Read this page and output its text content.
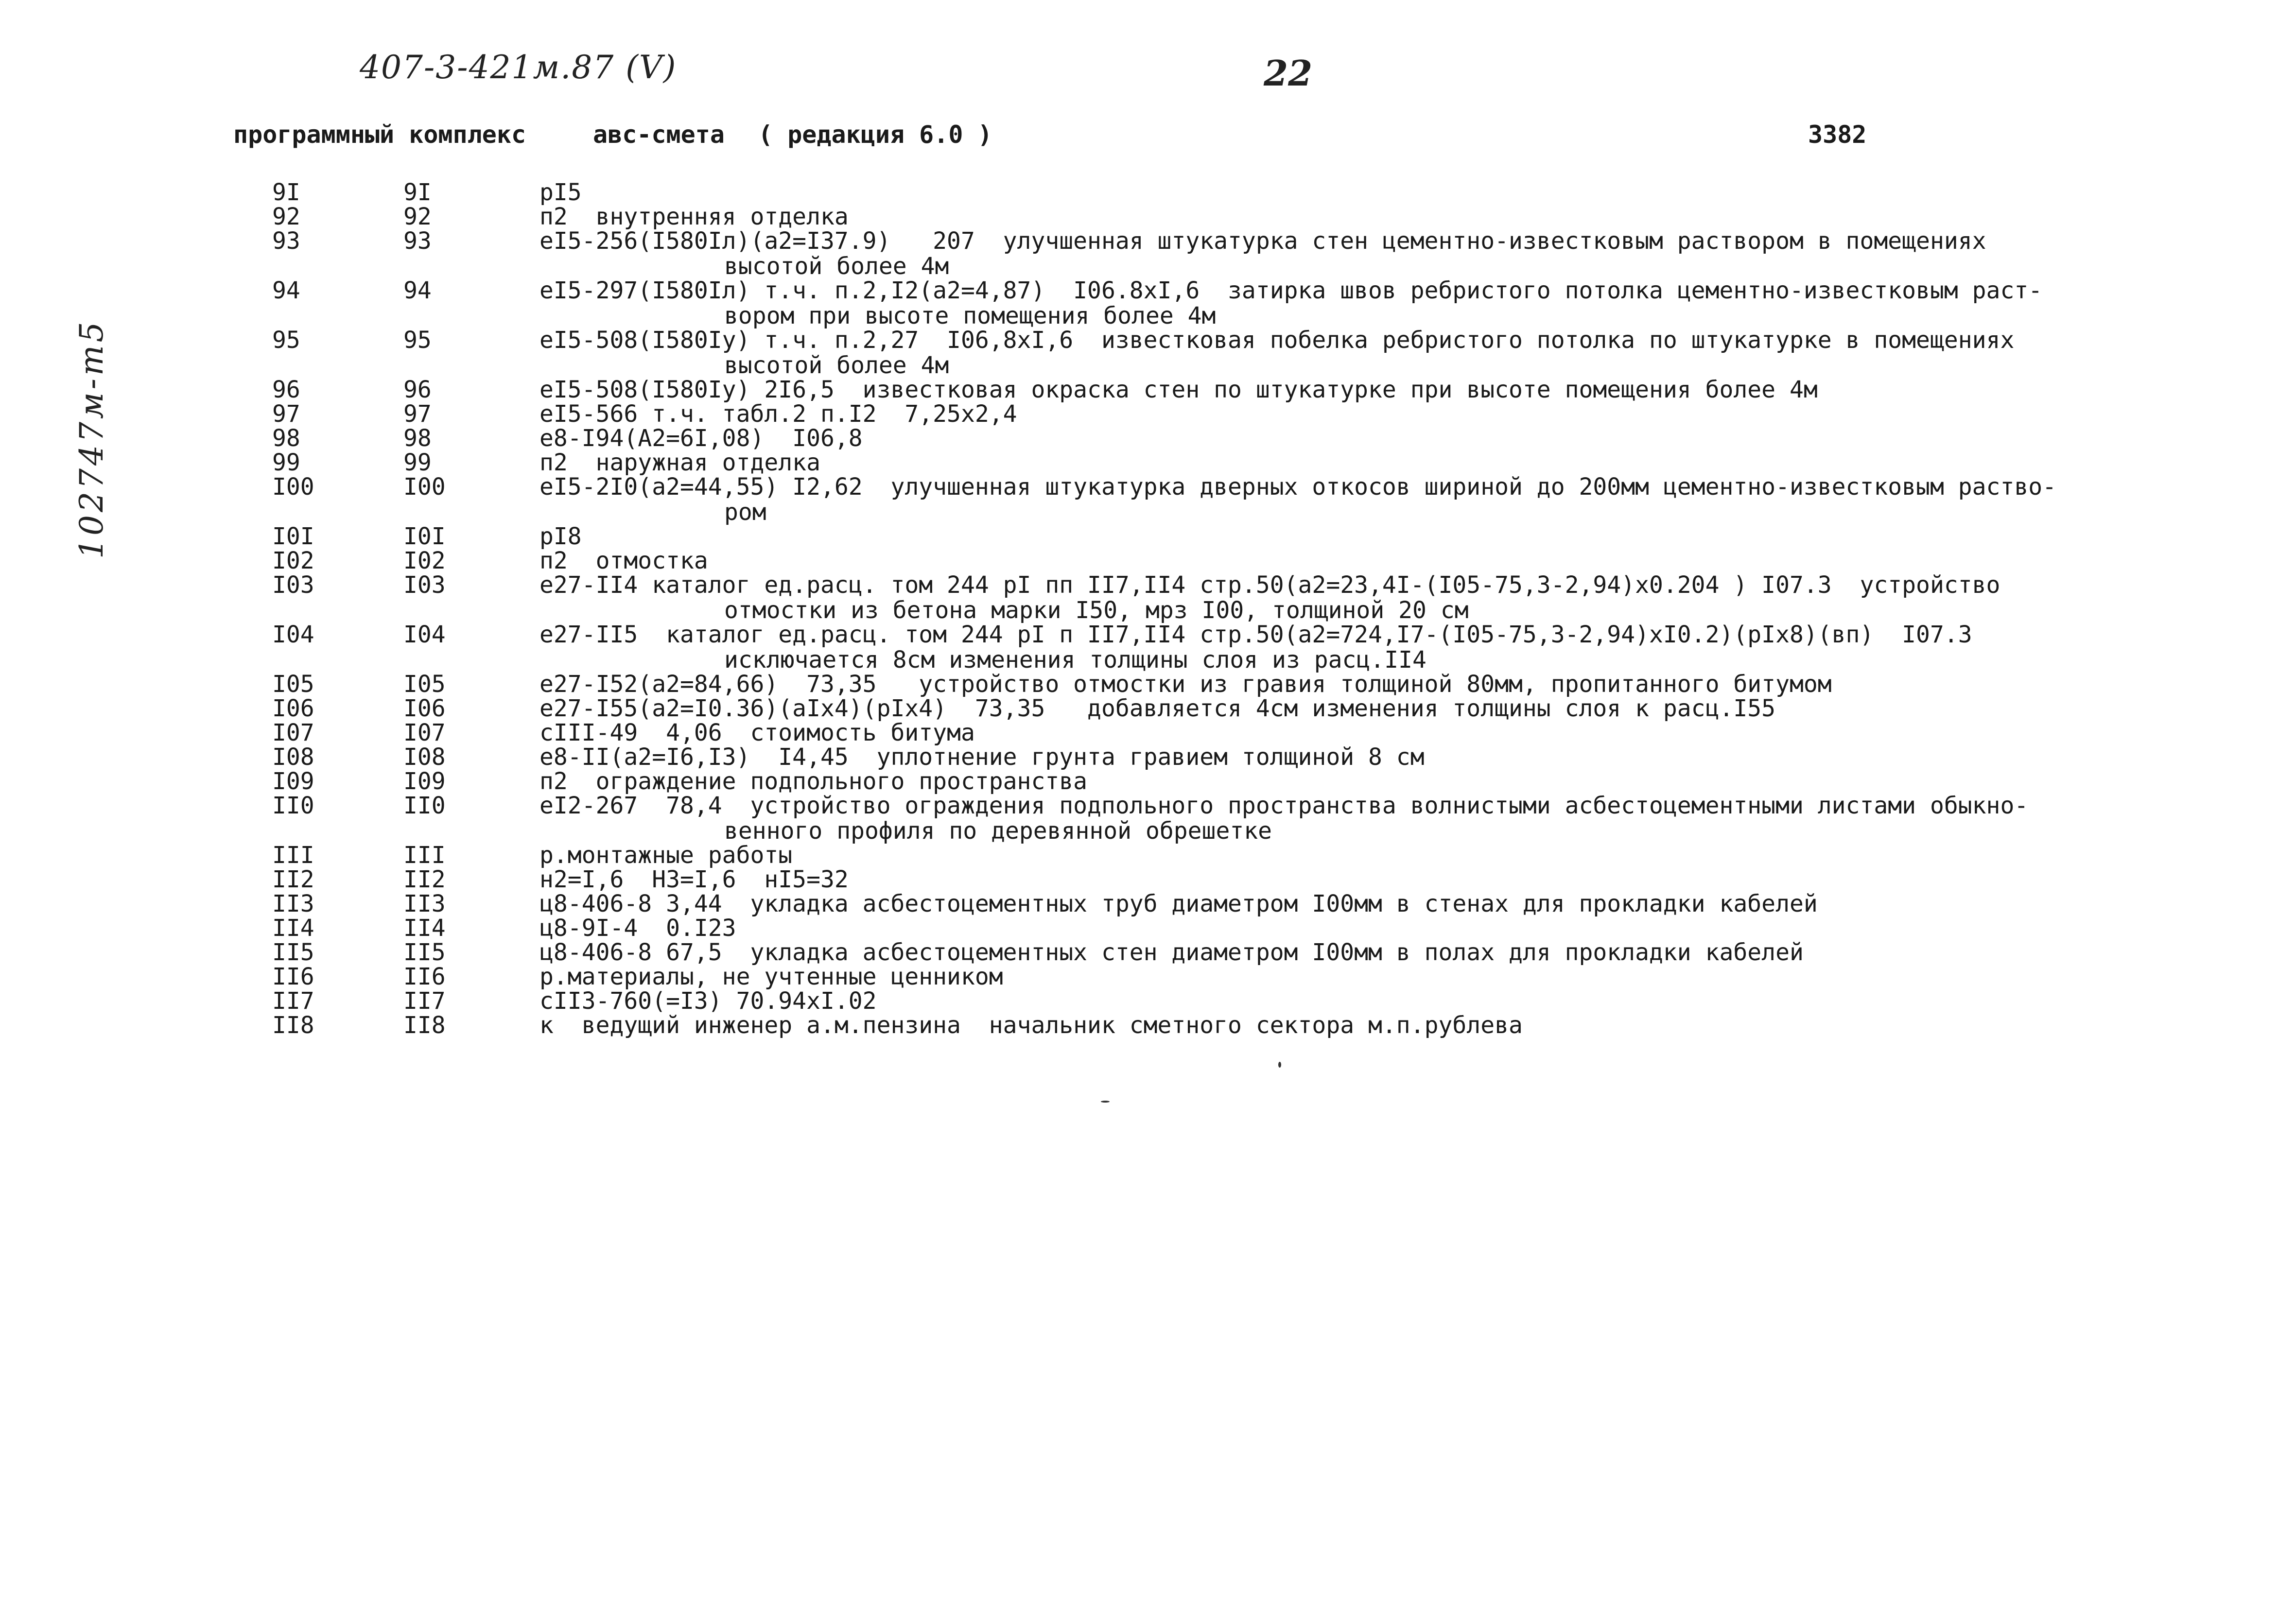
407-3-421м.87 (V)	22
102747м-т5
программный комплекс	авс-смета ( редакция 6.0 )	3382
9I	9I	pI5
92	92	п2  внутренняя отделка
93	93	eI5-256(I580Iл)(a2=I37.9)   207  улучшенная штукатурка стен цементно-известковым раствором в помещениях
высотой более 4м
94	94	eI5-297(I580Iл) т.ч. п.2,I2(a2=4,87)  I06.8xI,6  затирка швов ребристого потолка цементно-известковым раст-
вором при высоте помещения более 4м
95	95	eI5-508(I580Iу) т.ч. п.2,27  I06,8xI,6  известковая побелка ребристого потолка по штукатурке в помещениях
высотой более 4м
96	96	eI5-508(I580Iу) 2I6,5  известковая окраска стен по штукатурке при высоте помещения более 4м
97	97	eI5-566 т.ч. табл.2 п.I2  7,25x2,4
98	98	e8-I94(A2=6I,08)  I06,8
99	99	п2  наружная отделка
I00	I00	eI5-2I0(a2=44,55) I2,62  улучшенная штукатурка дверных откосов шириной до 200мм цементно-известковым раство-
ром
I0I	I0I	pI8
I02	I02	п2  отмостка
I03	I03	e27-II4 каталог ед.расц. том 244 pI пп II7,II4 стр.50(a2=23,4I-(I05-75,3-2,94)x0.204 ) I07.3  устройство
отмостки из бетона марки I50, мрз I00, толщиной 20 см
I04	I04	e27-II5  каталог ед.расц. том 244 pI п II7,II4 стр.50(a2=724,I7-(I05-75,3-2,94)xI0.2)(pIx8)(вп)  I07.3
исключается 8см изменения толщины слоя из расц.II4
I05	I05	e27-I52(a2=84,66)  73,35   устройство отмостки из гравия толщиной 80мм, пропитанного битумом
I06	I06	e27-I55(a2=I0.36)(aIx4)(pIx4)  73,35   добавляется 4см изменения толщины слоя к расц.I55
I07	I07	cIII-49  4,06  стоимость битума
I08	I08	e8-II(a2=I6,I3)  I4,45  уплотнение грунта гравием толщиной 8 см
I09	I09	п2  ограждение подпольного пространства
II0	II0	eI2-267  78,4  устройство ограждения подпольного пространства волнистыми асбестоцементными листами обыкно-
венного профиля по деревянной обрешетке
III	III	р.монтажные работы
II2	II2	н2=I,6  Н3=I,6  нI5=32
II3	II3	ц8-406-8 3,44  укладка асбестоцементных труб диаметром I00мм в стенах для прокладки кабелей
II4	II4	ц8-9I-4  0.I23
II5	II5	ц8-406-8 67,5  укладка асбестоцементных стен диаметром I00мм в полах для прокладки кабелей
II6	II6	р.материалы, не учтенные ценником
II7	II7	cII3-760(=I3) 70.94xI.02
II8	II8	к  ведущий инженер а.м.пензина  начальник сметного сектора м.п.рублева
